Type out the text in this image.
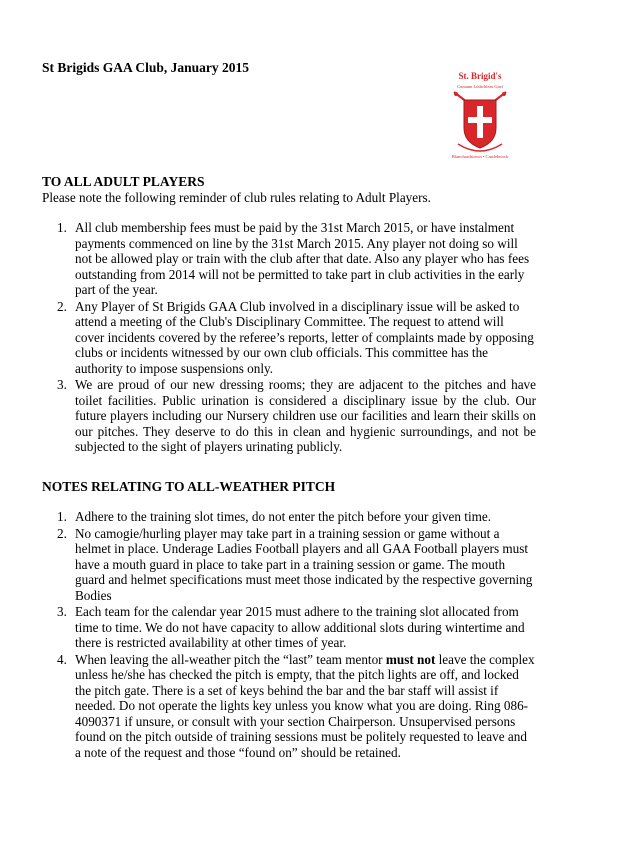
St Brigids GAA Club, January 2015
St. Brigid's
Cumann Lúthchleas Gael
Blanchardstown • Castleknock
TO ALL ADULT PLAYERS
Please note the following reminder of club rules relating to Adult Players.
1. All club membership fees must be paid by the 31st March 2015, or have instalment payments commenced on line by the 31st March 2015. Any player not doing so will not be allowed play or train with the club after that date. Also any player who has fees outstanding from 2014 will not be permitted to take part in club activities in the early part of the year.
2. Any Player of St Brigids GAA Club involved in a disciplinary issue will be asked to attend a meeting of the Club's Disciplinary Committee. The request to attend will cover incidents covered by the referee’s reports, letter of complaints made by opposing clubs or incidents witnessed by our own club officials. This committee has the authority to impose suspensions only.
3. We are proud of our new dressing rooms; they are adjacent to the pitches and have toilet facilities. Public urination is considered a disciplinary issue by the club. Our future players including our Nursery children use our facilities and learn their skills on our pitches. They deserve to do this in clean and hygienic surroundings, and not be subjected to the sight of players urinating publicly.
NOTES RELATING TO ALL-WEATHER PITCH
1. Adhere to the training slot times, do not enter the pitch before your given time.
2. No camogie/hurling player may take part in a training session or game without a helmet in place. Underage Ladies Football players and all GAA Football players must have a mouth guard in place to take part in a training session or game. The mouth guard and helmet specifications must meet those indicated by the respective governing Bodies
3. Each team for the calendar year 2015 must adhere to the training slot allocated from time to time. We do not have capacity to allow additional slots during wintertime and there is restricted availability at other times of year.
4. When leaving the all-weather pitch the “last” team mentor must not leave the complex unless he/she has checked the pitch is empty, that the pitch lights are off, and locked the pitch gate. There is a set of keys behind the bar and the bar staff will assist if needed. Do not operate the lights key unless you know what you are doing. Ring 086-4090371 if unsure, or consult with your section Chairperson. Unsupervised persons found on the pitch outside of training sessions must be politely requested to leave and a note of the request and those “found on” should be retained.
